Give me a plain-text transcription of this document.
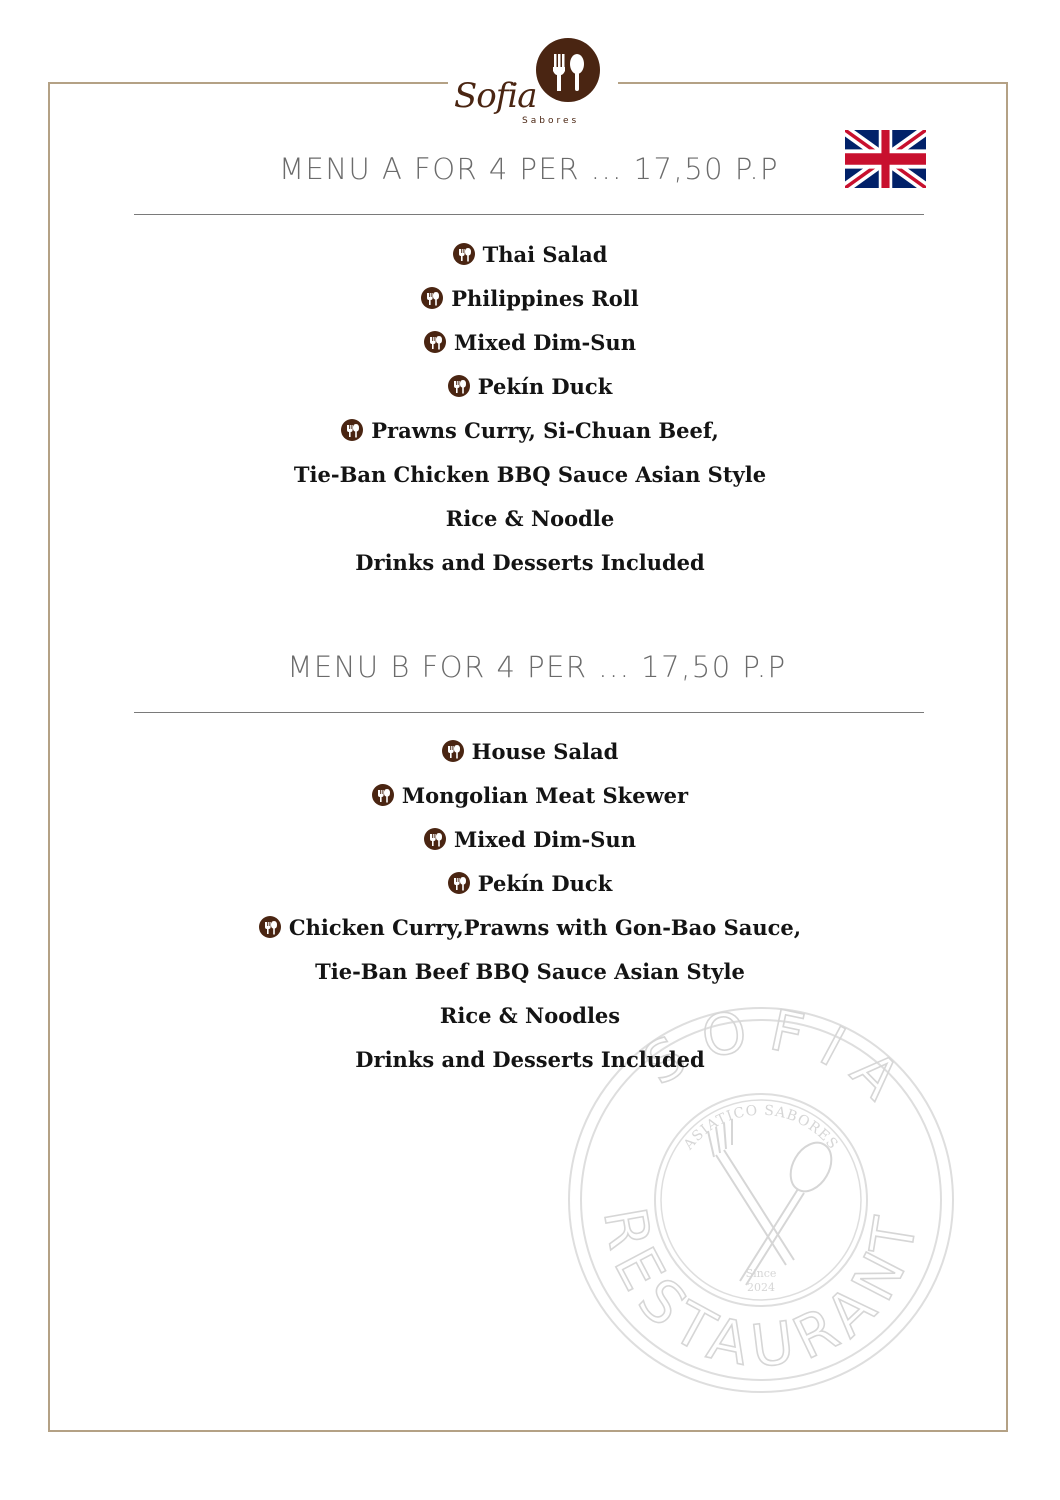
Sofia
Sabores
MENU A FOR 4 PER ... 17,50 P.P
Thai Salad
Philippines Roll
Mixed Dim-Sun
Pekín Duck
Prawns Curry, Si-Chuan Beef,
Tie-Ban Chicken BBQ Sauce Asian Style
Rice & Noodle
Drinks and Desserts Included
MENU B FOR 4 PER ... 17,50 P.P
House Salad
Mongolian Meat Skewer
Mixed Dim-Sun
Pekín Duck
Chicken Curry,Prawns with Gon-Bao Sauce,
Tie-Ban Beef BBQ Sauce Asian Style
Rice & Noodles SOFIA
RESTAURANT
ASIATICO SABORES
Since
2024
Drinks and Desserts Included
